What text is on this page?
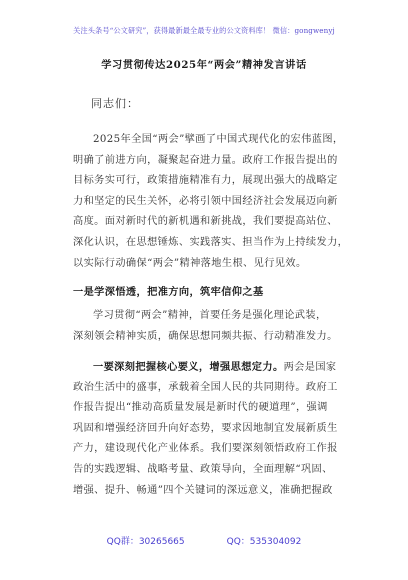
关注头条号“公文研究”，获得最新最全最专业的公文资料库！ 微信：gongwenyj
学习贯彻传达2025年“两会”精神发言讲话
同志们：
2025年全国“两会”擘画了中国式现代化的宏伟蓝图，
明确了前进方向，凝聚起奋进力量。政府工作报告提出的
目标务实可行，政策措施精准有力，展现出强大的战略定
力和坚定的民生关怀，必将引领中国经济社会发展迈向新
高度。面对新时代的新机遇和新挑战，我们要提高站位、
深化认识，在思想锤炼、实践落实、担当作为上持续发力，
以实际行动确保“两会”精神落地生根、见行见效。
一是学深悟透，把准方向，筑牢信仰之基
学习贯彻“两会”精神，首要任务是强化理论武装，
深刻领会精神实质，确保思想同频共振、行动精准发力。
一要深刻把握核心要义，增强思想定力。两会是国家
政治生活中的盛事，承载着全国人民的共同期待。政府工
作报告提出“推动高质量发展是新时代的硬道理”，强调
巩固和增强经济回升向好态势，要求因地制宜发展新质生
产力，建设现代化产业体系。我们要深刻领悟政府工作报
告的实践逻辑、战略考量、政策导向，全面理解“巩固、
增强、提升、畅通”四个关键词的深远意义，准确把握政
QQ群：30265665	QQ：535304092
